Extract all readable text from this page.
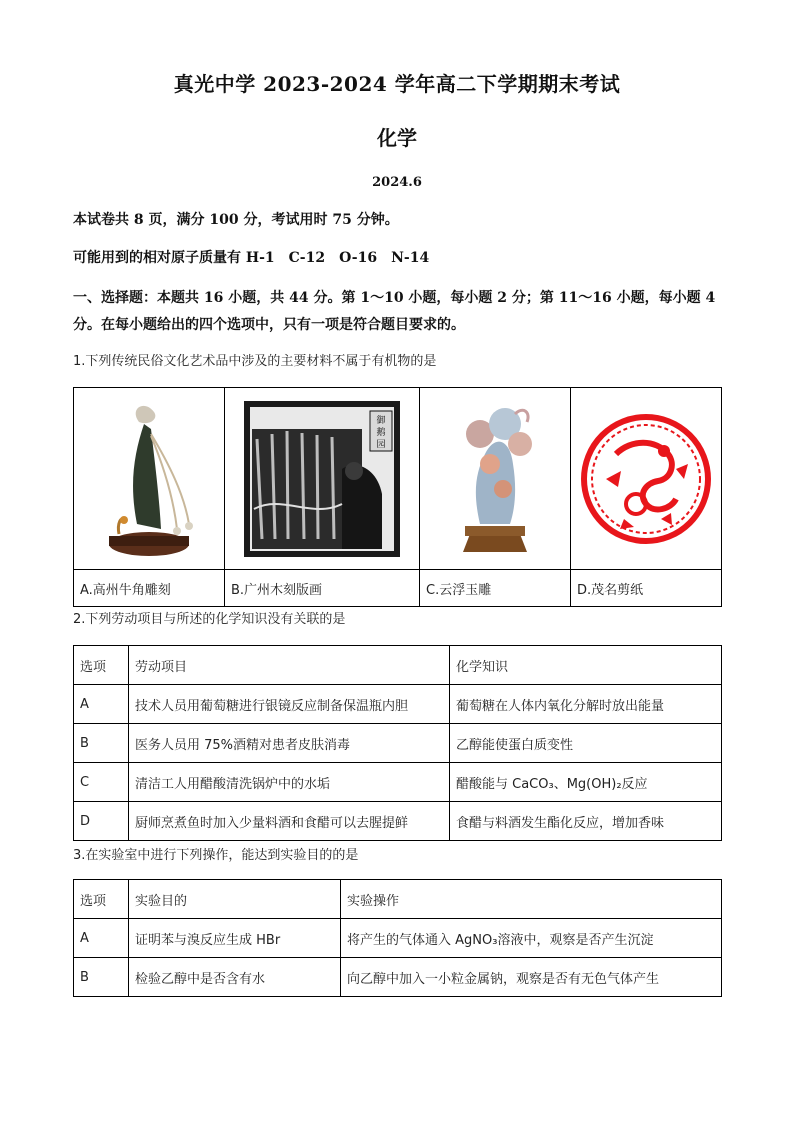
真光中学 2023-2024 学年高二下学期期末考试
化学
2024.6
本试卷共 8 页，满分 100 分，考试用时 75 分钟。
可能用到的相对原子质量有 H-1　C-12　O-16　N-14
一、选择题：本题共 16 小题，共 44 分。第 1～10 小题，每小题 2 分；第 11～16 小题，每小题 4 分。在每小题给出的四个选项中，只有一项是符合题目要求的。
1.下列传统民俗文化艺术品中涉及的主要材料不属于有机物的是

御
鹅
园

A.高州牛角雕刻	B.广州木刻版画	C.云浮玉雕	D.茂名剪纸
2.下列劳动项目与所述的化学知识没有关联的是
选项	劳动项目	化学知识
A	技术人员用葡萄糖进行银镜反应制备保温瓶内胆	葡萄糖在人体内氧化分解时放出能量
B	医务人员用 75%酒精对患者皮肤消毒	乙醇能使蛋白质变性
C	清洁工人用醋酸清洗锅炉中的水垢	醋酸能与 CaCO₃、Mg(OH)₂反应
D	厨师烹煮鱼时加入少量料酒和食醋可以去腥提鲜	食醋与料酒发生酯化反应，增加香味
3.在实验室中进行下列操作，能达到实验目的的是
选项	实验目的	实验操作
A	证明苯与溴反应生成 HBr	将产生的气体通入 AgNO₃溶液中，观察是否产生沉淀
B	检验乙醇中是否含有水	向乙醇中加入一小粒金属钠，观察是否有无色气体产生
